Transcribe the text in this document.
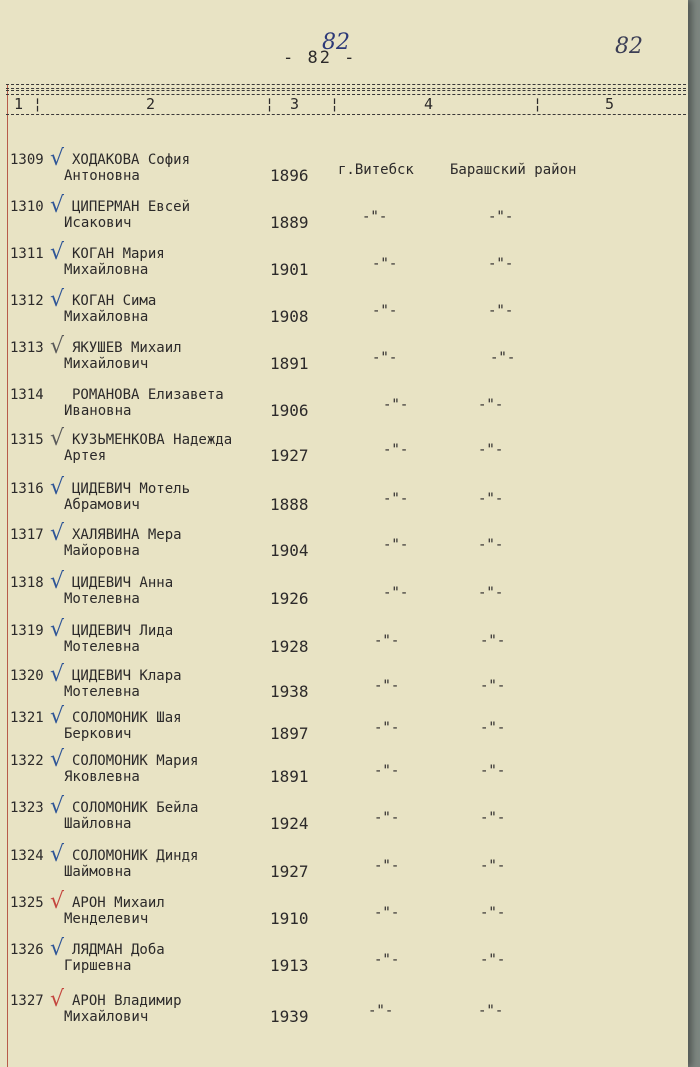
- 82 -
82	82
1	2	3	4	5
¦	¦	¦	¦
1309 ХОДАКОВА София
Антоновна	1896 г.Витебск	Барашский район
√
1310 ЦИПЕРМАН Евсей
Исакович	1889	-"-	-"-
√
1311 КОГАН Мария
Михайловна	1901	-"-	-"-
√
1312 КОГАН Сима
Михайловна	1908	-"-	-"-
√
1313 ЯКУШЕВ Михаил
Михайлович	1891	-"-	-"-
√
1314 РОМАНОВА Елизавета
Ивановна	1906	-"-	-"-
1315 КУЗЬМЕНКОВА Надежда
Артея	1927	-"-	-"-
√
1316 ЦИДЕВИЧ Мотель
Абрамович	1888	-"-	-"-
√
1317 ХАЛЯВИНА Мера
Майоровна	1904	-"-	-"-
√
1318 ЦИДЕВИЧ Анна
Мотелевна	1926	-"-	-"-
√
1319 ЦИДЕВИЧ Лида
Мотелевна	1928	-"-	-"-
√
1320 ЦИДЕВИЧ Клара
Мотелевна	1938	-"-	-"-
√
1321 СОЛОМОНИК Шая
Беркович	1897	-"-	-"-
√
1322 СОЛОМОНИК Мария
Яковлевна	1891	-"-	-"-
√
1323 СОЛОМОНИК Бейла
Шайловна	1924	-"-	-"-
√
1324 СОЛОМОНИК Диндя
Шаймовна	1927	-"-	-"-
√
1325 АРОН Михаил
Менделевич	1910	-"-	-"-
√
1326 ЛЯДМАН Доба
Гиршевна	1913	-"-	-"-
√
1327 АРОН Владимир
Михайлович	1939	-"-	-"-
√
